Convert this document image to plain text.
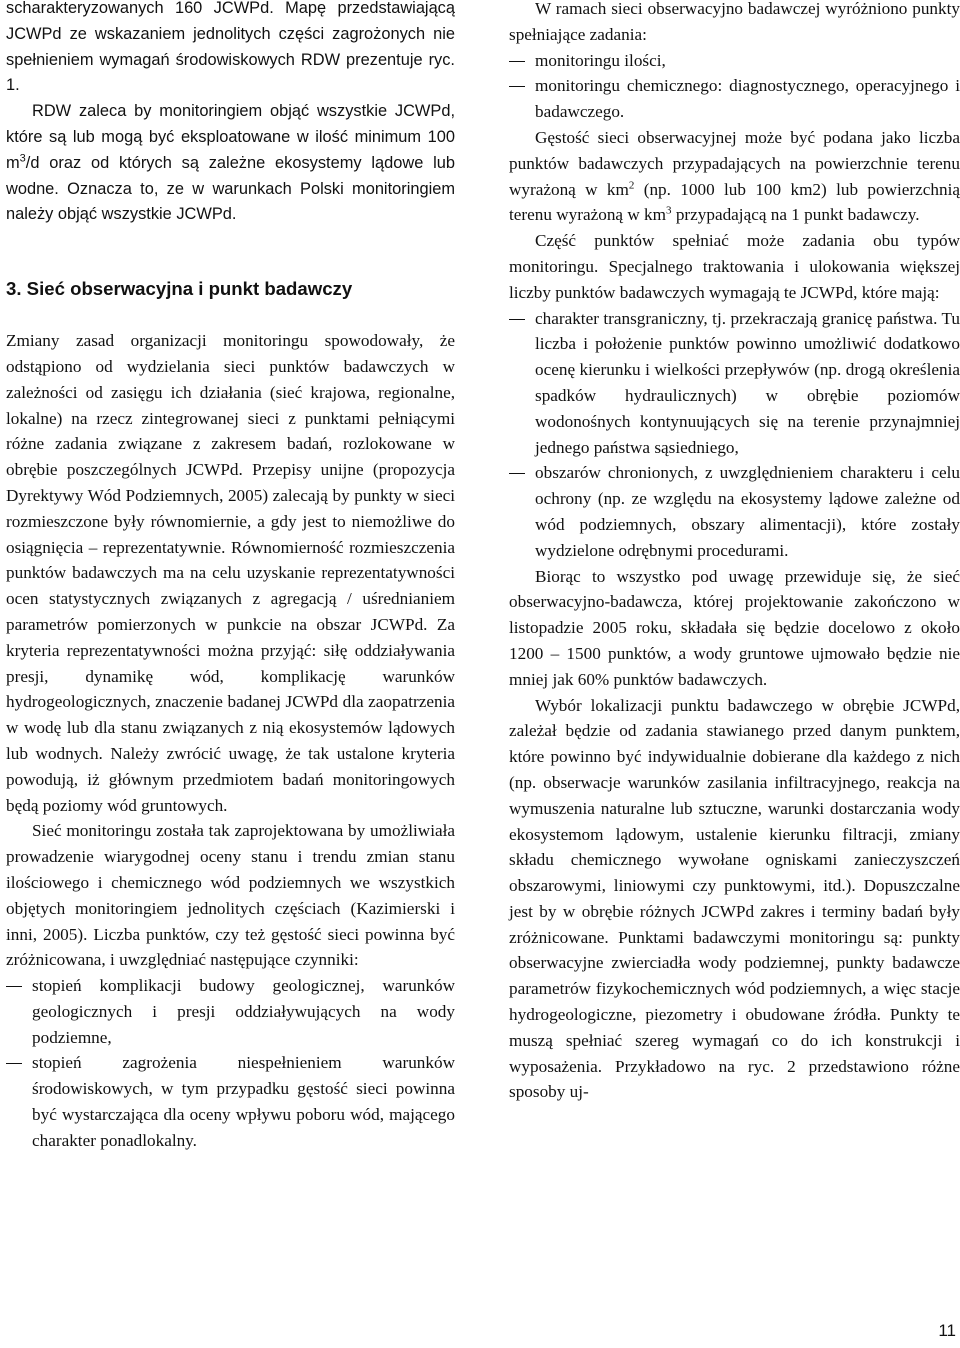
scharakteryzowanych 160 JCWPd. Mapę przedstawiającą JCWPd ze wskazaniem jednolitych części zagrożonych nie spełnieniem wymagań środowiskowych RDW prezentuje ryc. 1.

RDW zaleca by monitoringiem objąć wszystkie JCWPd, które są lub mogą być eksploatowane w ilość minimum 100 $m^3/d$ oraz od których są zależne ekosystemy lądowe lub wodne. Oznacza to, ze w warunkach Polski monitoringiem należy objąć wszystkie JCWPd.

3. Sieć obserwacyjna i punkt badawczy

Zmiany zasad organizacji monitoringu spowodowały, że odstąpiono od wydzielania sieci punktów badawczych w zależności od zasięgu ich działania (sieć krajowa, regionalne, lokalne) na rzecz zintegrowanej sieci z punktami pełniącymi różne zadania związane z zakresem badań, rozlokowane w obrębie poszczególnych JCWPd. Przepisy unijne (propozycja Dyrektywy Wód Podziemnych, 2005) zalecają by punkty w sieci rozmieszczone były równomiernie, a gdy jest to niemożliwe do osiągnięcia – reprezentatywnie. Równomierność rozmieszczenia punktów badawczych ma na celu uzyskanie reprezentatywności ocen statystycznych związanych z agregacją / uśrednianiem parametrów pomierzonych w punkcie na obszar JCWPd. Za kryteria reprezentatywności można przyjąć: siłę oddziaływania presji, dynamikę wód, komplikację warunków hydrogeologicznych, znaczenie badanej JCWPd dla zaopatrzenia w wodę lub dla stanu związanych z nią ekosystemów lądowych lub wodnych. Należy zwrócić uwagę, że tak ustalone kryteria powodują, iż głównym przedmiotem badań monitoringowych będą poziomy wód gruntowych.

Sieć monitoringu została tak zaprojektowana by umożliwiała prowadzenie wiarygodnej oceny stanu i trendu zmian stanu ilościowego i chemicznego wód podziemnych we wszystkich objętych monitoringiem jednolitych częściach (Kazimierski i inni, 2005). Liczba punktów, czy też gęstość sieci powinna być zróżnicowana, i uwzględniać następujące czynniki:

stopień komplikacji budowy geologicznej, warunków geologicznych i presji oddziaływujących na wody podziemne,
stopień zagrożenia niespełnieniem warunków środowiskowych, w tym przypadku gęstość sieci powinna być wystarczająca dla oceny wpływu poboru wód, mającego charakter ponadlokalny.

W ramach sieci obserwacyjno badawczej wyróżniono punkty spełniające zadania:

monitoringu ilości,
monitoringu chemicznego: diagnostycznego, operacyjnego i badawczego.

Gęstość sieci obserwacyjnej może być podana jako liczba punktów badawczych przypadających na powierzchnie terenu wyrażoną w $km^2$ (np. 1000 lub 100 km2) lub powierzchnią terenu wyrażoną w $km^3$ przypadającą na 1 punkt badawczy.

Część punktów spełniać może zadania obu typów monitoringu. Specjalnego traktowania i ulokowania większej liczby punktów badawczych wymagają te JCWPd, które mają:

charakter transgraniczny, tj. przekraczają granicę państwa. Tu liczba i położenie punktów powinno umożliwić dodatkowo ocenę kierunku i wielkości przepływów (np. drogą określenia spadków hydraulicznych) w obrębie poziomów wodonośnych kontynuujących się na terenie przynajmniej jednego państwa sąsiedniego,
obszarów chronionych, z uwzględnieniem charakteru i celu ochrony (np. ze względu na ekosystemy lądowe zależne od wód podziemnych, obszary alimentacji), które zostały wydzielone odrębnymi procedurami.

Biorąc to wszystko pod uwagę przewiduje się, że sieć obserwacyjno-badawcza, której projektowanie zakończono w listopadzie 2005 roku, składała się będzie docelowo z około 1200 – 1500 punktów, a wody gruntowe ujmowało będzie nie mniej jak 60% punktów badawczych.

Wybór lokalizacji punktu badawczego w obrębie JCWPd, zależał będzie od zadania stawianego przed danym punktem, które powinno być indywidualnie dobierane dla każdego z nich (np. obserwacje warunków zasilania infiltracyjnego, reakcja na wymuszenia naturalne lub sztuczne, warunki dostarczania wody ekosystemom lądowym, ustalenie kierunku filtracji, zmiany składu chemicznego wywołane ogniskami zanieczyszczeń obszarowymi, liniowymi czy punktowymi, itd.). Dopuszczalne jest by w obrębie różnych JCWPd zakres i terminy badań były zróżnicowane. Punktami badawczymi monitoringu są: punkty obserwacyjne zwierciadła wody podziemnej, punkty badawcze parametrów fizykochemicznych wód podziemnych, a więc stacje hydrogeologiczne, piezometry i obudowane źródła. Punkty te muszą spełniać szereg wymagań co do ich konstrukcji i wyposażenia. Przykładowo na ryc. 2 przedstawiono różne sposoby uj-

11
